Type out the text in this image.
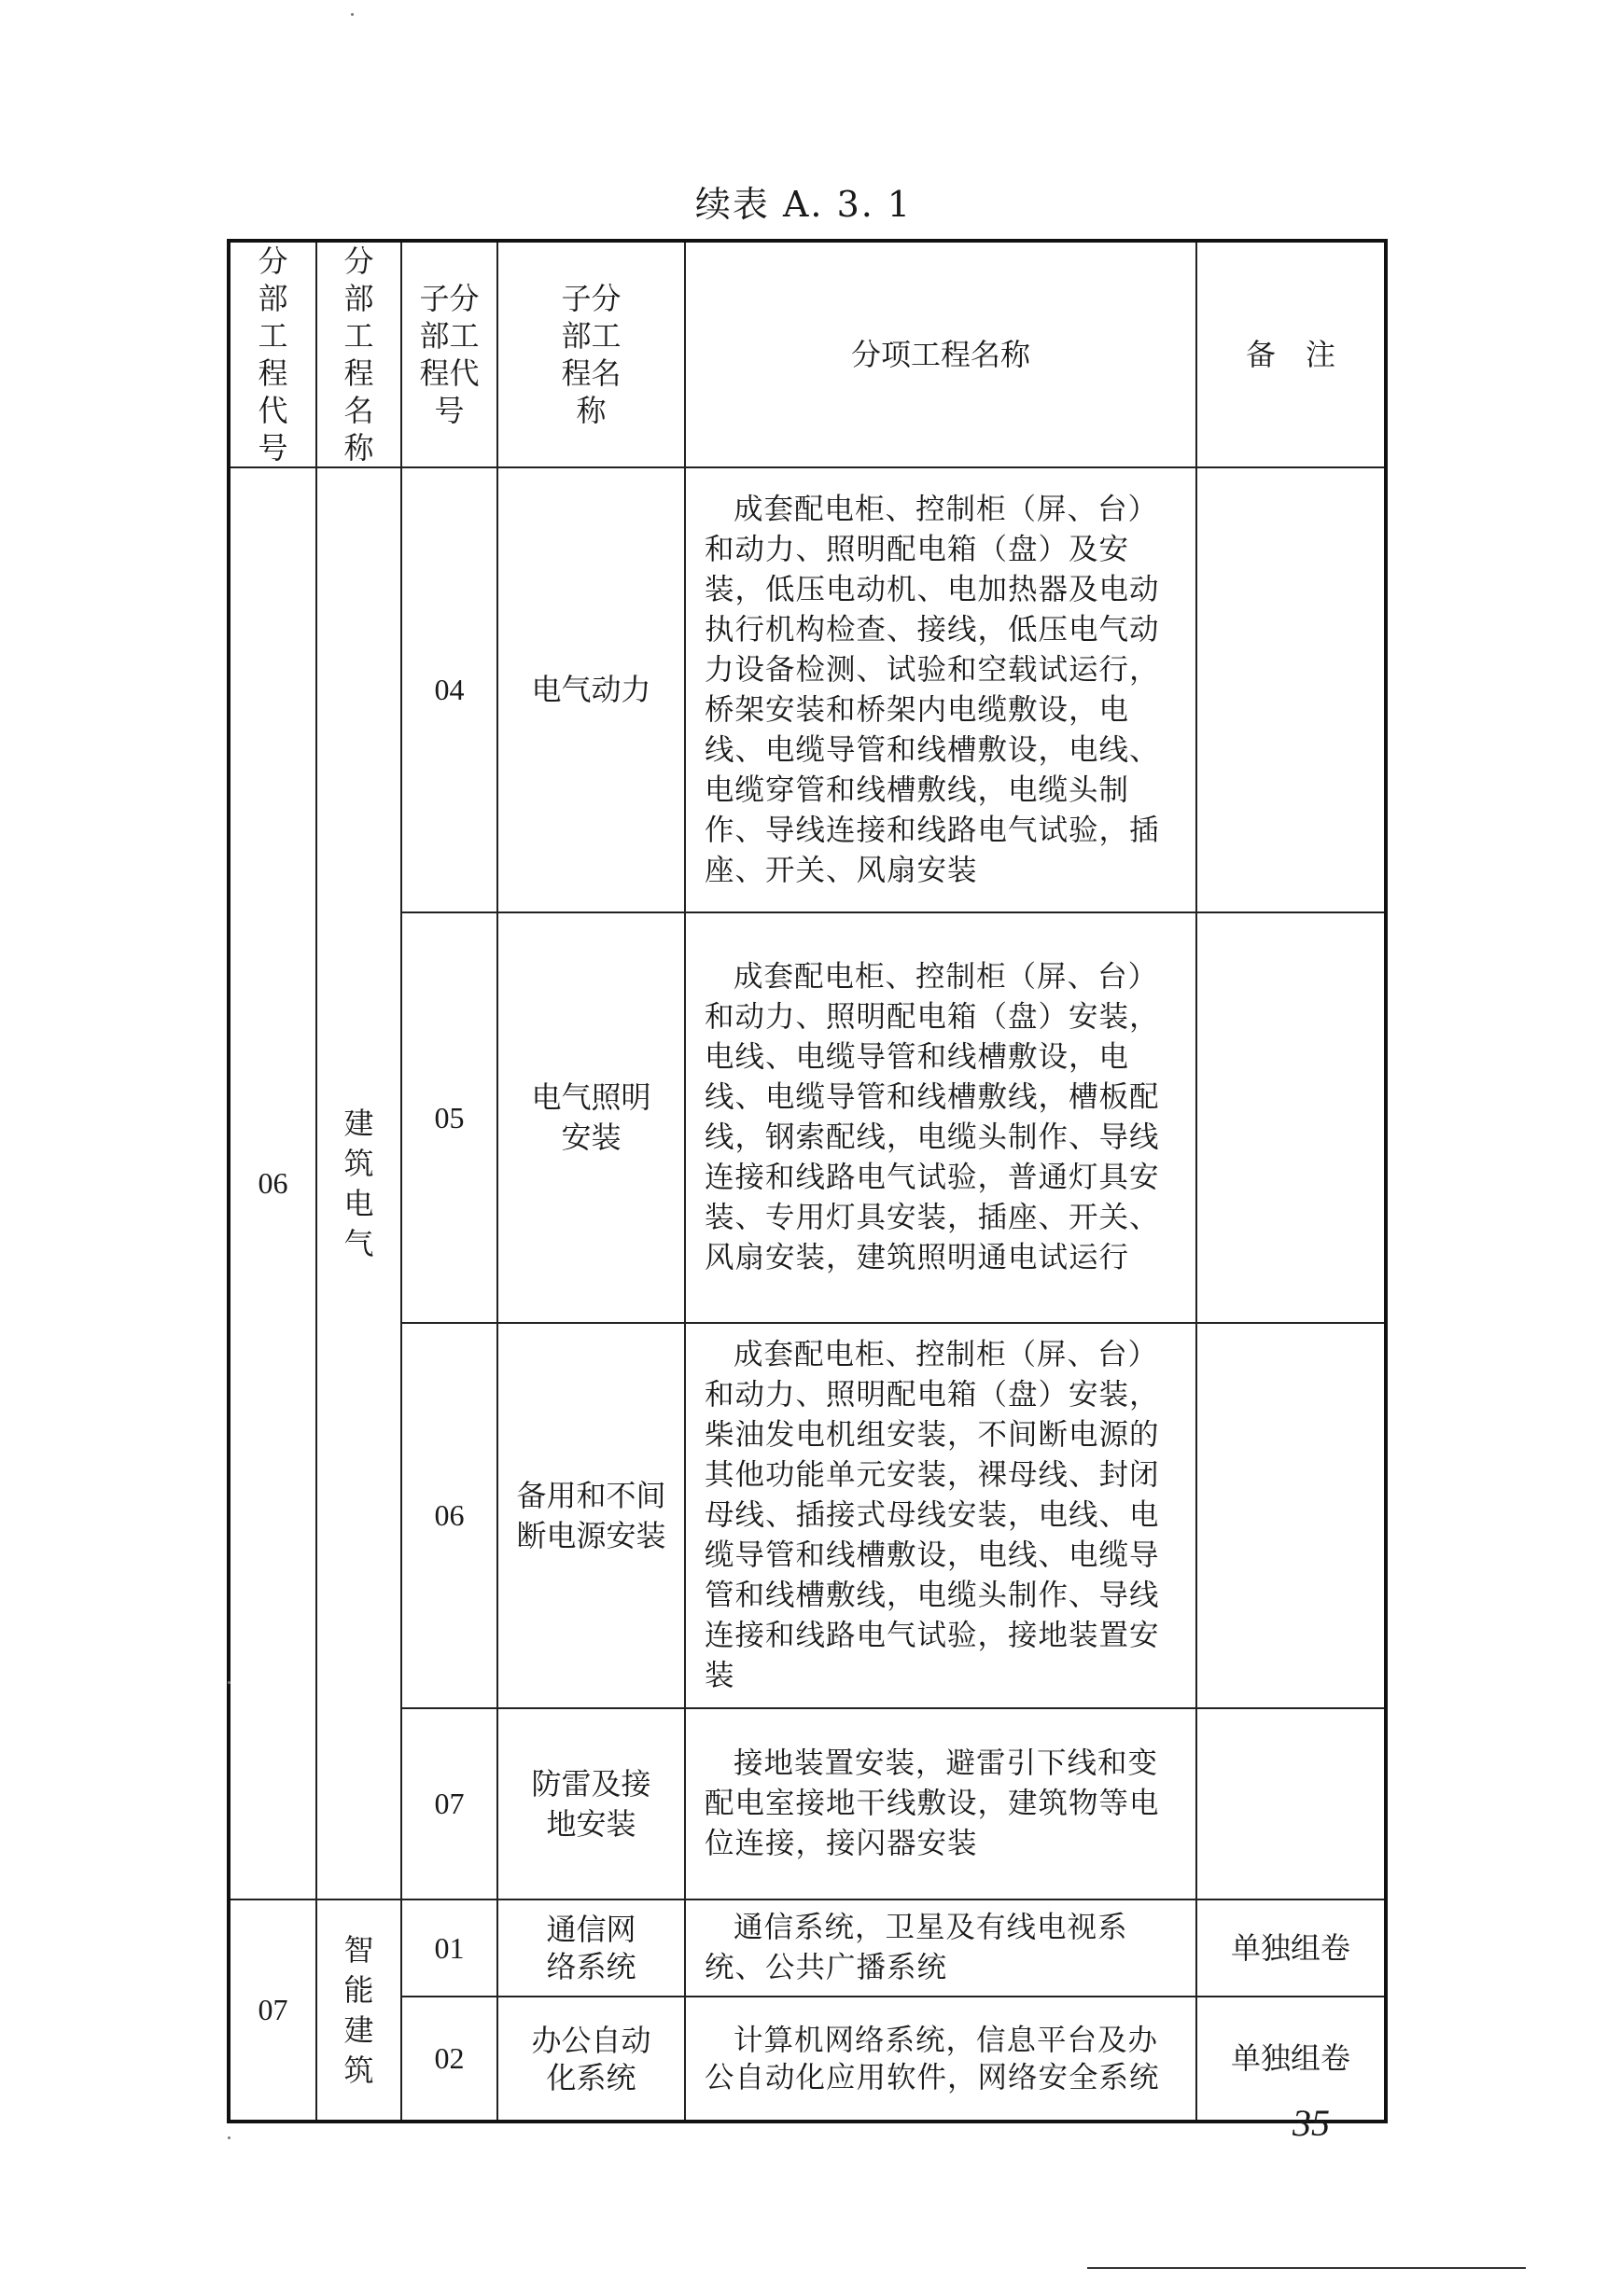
续表 A. 3. 1
分部工程代号	分部工程名称	子分部工程代号	子分部工程名称	分项工程名称	备　注
06	建筑电气	04	电气动力	成套配电柜、控制柜（屏、台）和动力、照明配电箱（盘）及安装，低压电动机、电加热器及电动执行机构检查、接线，低压电气动力设备检测、试验和空载试运行，桥架安装和桥架内电缆敷设，电线、电缆导管和线槽敷设，电线、电缆穿管和线槽敷线，电缆头制作、导线连接和线路电气试验，插座、开关、风扇安装	
		05	电气照明安装	成套配电柜、控制柜（屏、台）和动力、照明配电箱（盘）安装，电线、电缆导管和线槽敷设，电线、电缆导管和线槽敷线，槽板配线，钢索配线，电缆头制作、导线连接和线路电气试验，普通灯具安装、专用灯具安装，插座、开关、风扇安装，建筑照明通电试运行	
		06	备用和不间断电源安装	成套配电柜、控制柜（屏、台）和动力、照明配电箱（盘）安装，柴油发电机组安装，不间断电源的其他功能单元安装，裸母线、封闭母线、插接式母线安装，电线、电缆导管和线槽敷设，电线、电缆导管和线槽敷线，电缆头制作、导线连接和线路电气试验，接地装置安装	
		07	防雷及接地安装	接地装置安装，避雷引下线和变配电室接地干线敷设，建筑物等电位连接，接闪器安装	
07	智能建筑	01	通信网络系统	通信系统，卫星及有线电视系统、公共广播系统	单独组卷
		02	办公自动化系统	计算机网络系统，信息平台及办公自动化应用软件，网络安全系统	单独组卷
35
